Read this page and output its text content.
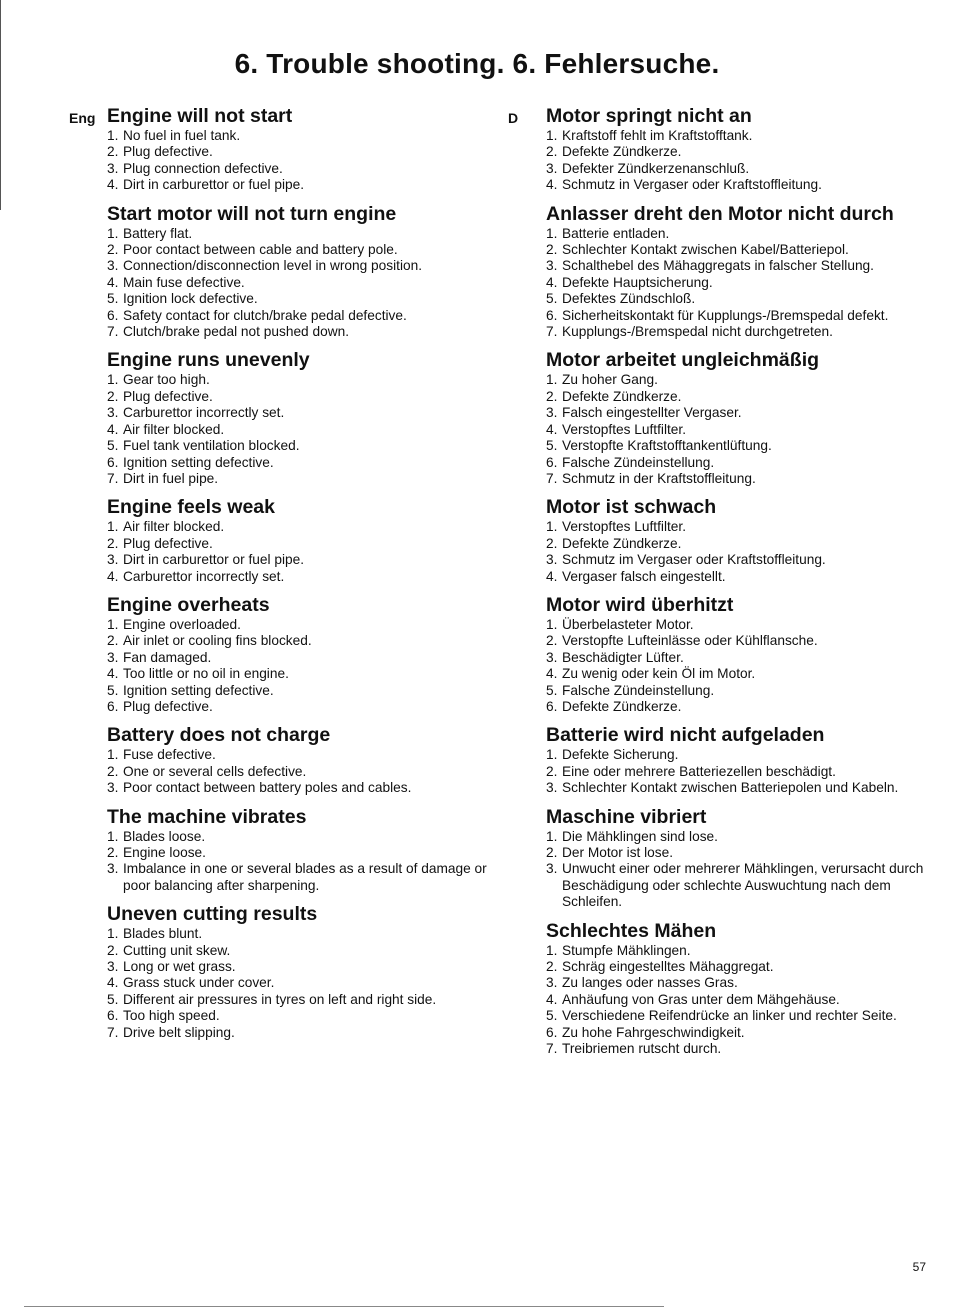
6. Trouble shooting. 6. Fehlersuche.
Eng	D
Engine will not start
1. No fuel in fuel tank.
2. Plug defective.
3. Plug connection defective.
4. Dirt in carburettor or fuel pipe.
Start motor will not turn engine
1. Battery flat.
2. Poor contact between cable and battery pole.
3. Connection/disconnection level in wrong position.
4. Main fuse defective.
5. Ignition lock defective.
6. Safety contact for clutch/brake pedal defective.
7. Clutch/brake pedal not pushed down.
Engine runs unevenly
1. Gear too high.
2. Plug defective.
3. Carburettor incorrectly set.
4. Air filter blocked.
5. Fuel tank ventilation blocked.
6. Ignition setting defective.
7. Dirt in fuel pipe.
Engine feels weak
1. Air filter blocked.
2. Plug defective.
3. Dirt in carburettor or fuel pipe.
4. Carburettor incorrectly set.
Engine overheats
1. Engine overloaded.
2. Air inlet or cooling fins blocked.
3. Fan damaged.
4. Too little or no oil in engine.
5. Ignition setting defective.
6. Plug defective.
Battery does not charge
1. Fuse defective.
2. One or several cells defective.
3. Poor contact between battery poles and cables.
The machine vibrates
1. Blades loose.
2. Engine loose.
3. Imbalance in one or several blades as a result of damage or poor balancing after sharpening.
Uneven cutting results
1. Blades blunt.
2. Cutting unit skew.
3. Long or wet grass.
4. Grass stuck under cover.
5. Different air pressures in tyres on left and right side.
6. Too high speed.
7. Drive belt slipping.
Motor springt nicht an
1. Kraftstoff fehlt im Kraftstofftank.
2. Defekte Zündkerze.
3. Defekter Zündkerzenanschluß.
4. Schmutz in Vergaser oder Kraftstoffleitung.
Anlasser dreht den Motor nicht durch
1. Batterie entladen.
2. Schlechter Kontakt zwischen Kabel/Batteriepol.
3. Schalthebel des Mähaggregats in falscher Stellung.
4. Defekte Hauptsicherung.
5. Defektes Zündschloß.
6. Sicherheitskontakt für Kupplungs-/Bremspedal defekt.
7. Kupplungs-/Bremspedal nicht durchgetreten.
Motor arbeitet ungleichmäßig
1. Zu hoher Gang.
2. Defekte Zündkerze.
3. Falsch eingestellter Vergaser.
4. Verstopftes Luftfilter.
5. Verstopfte Kraftstofftankentlüftung.
6. Falsche Zündeinstellung.
7. Schmutz in der Kraftstoffleitung.
Motor ist schwach
1. Verstopftes Luftfilter.
2. Defekte Zündkerze.
3. Schmutz im Vergaser oder Kraftstoffleitung.
4. Vergaser falsch eingestellt.
Motor wird überhitzt
1. Überbelasteter Motor.
2. Verstopfte Lufteinlässe oder Kühlflansche.
3. Beschädigter Lüfter.
4. Zu wenig oder kein Öl im Motor.
5. Falsche Zündeinstellung.
6. Defekte Zündkerze.
Batterie wird nicht aufgeladen
1. Defekte Sicherung.
2. Eine oder mehrere Batteriezellen beschädigt.
3. Schlechter Kontakt zwischen Batteriepolen und Kabeln.
Maschine vibriert
1. Die Mähklingen sind lose.
2. Der Motor ist lose.
3. Unwucht einer oder mehrerer Mähklingen, verursacht durch Beschädigung oder schlechte Auswuchtung nach dem Schleifen.
Schlechtes Mähen
1. Stumpfe Mähklingen.
2. Schräg eingestelltes Mähaggregat.
3. Zu langes oder nasses Gras.
4. Anhäufung von Gras unter dem Mähgehäuse.
5. Verschiedene Reifendrücke an linker und rechter Seite.
6. Zu hohe Fahrgeschwindigkeit.
7. Treibriemen rutscht durch.
57
